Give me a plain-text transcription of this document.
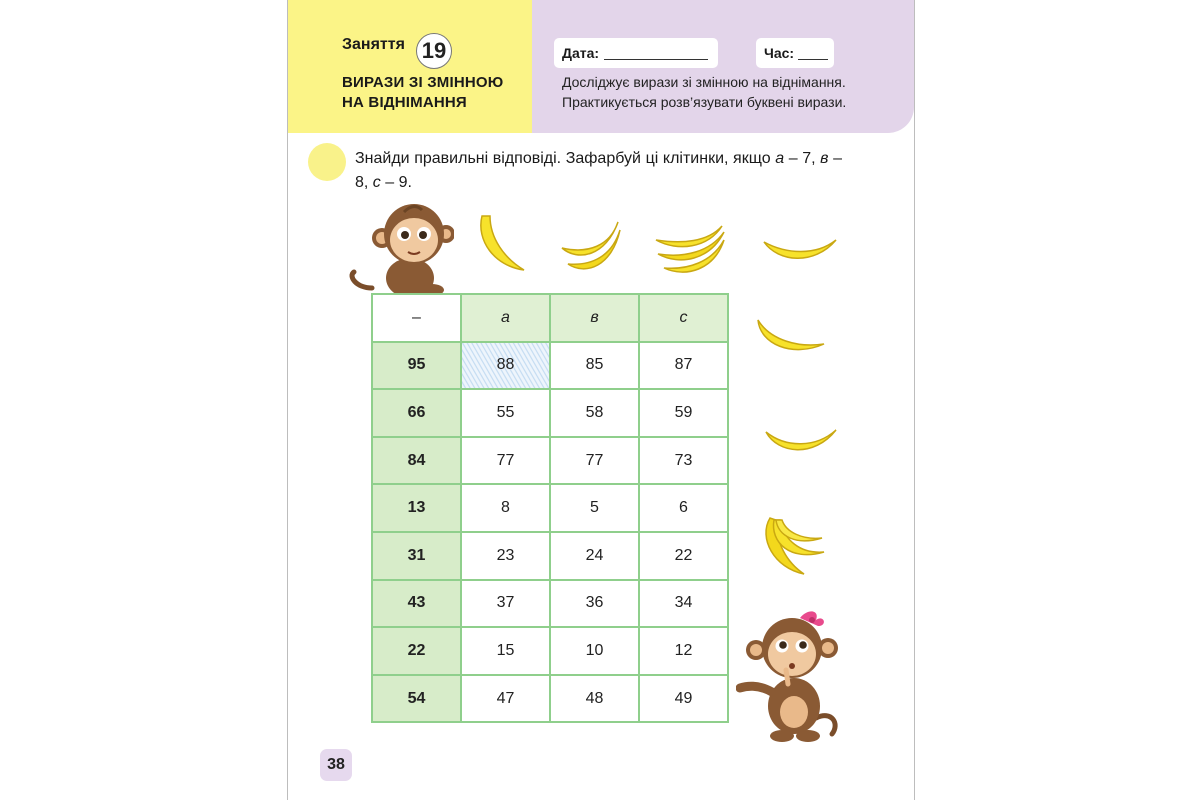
Заняття 19
ВИРАЗИ ЗІ ЗМІННОЮ НА ВІДНІМАННЯ
Дата:	Час:
Досліджує вирази зі змінною на віднімання. Практикується розв’язувати буквені вирази.
Знайди правильні відповіді. Зафарбуй ці клітинки, якщо а – 7, в – 8, с – 9.
–	а	в	с
95	88	85	87
66	55	58	59
84	77	77	73
13	8	5	6
31	23	24	22
43	37	36	34
22	15	10	12
54	47	48	49
38
